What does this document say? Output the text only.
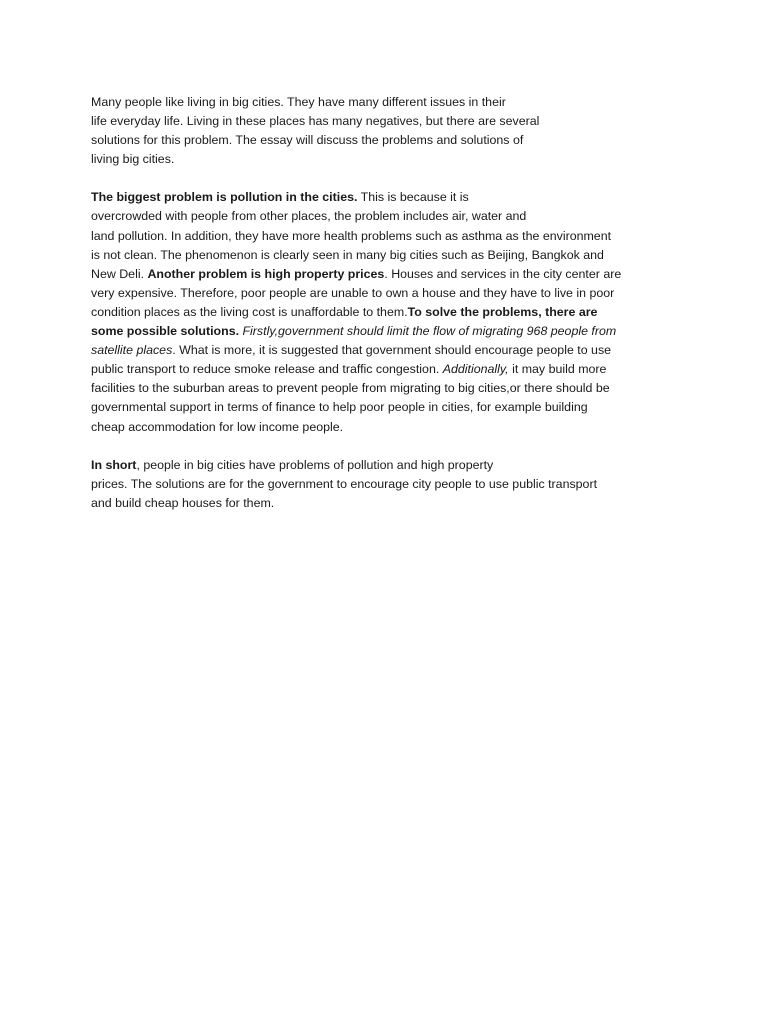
Many people like living in big cities. They have many different issues in their
life everyday life. Living in these places has many negatives, but there are several
solutions for this problem. The essay will discuss the problems and solutions of
living big cities.
The biggest problem is pollution in the cities. This is because it is
overcrowded with people from other places, the problem includes air, water and
land pollution. In addition, they have more health problems such as asthma as the environment
is not clean. The phenomenon is clearly seen in many big cities such as Beijing, Bangkok and
New Deli. Another problem is high property prices. Houses and services in the city center are
very expensive. Therefore, poor people are unable to own a house and they have to live in poor
condition places as the living cost is unaffordable to them.To solve the problems, there are
some possible solutions. Firstly,government should limit the flow of migrating 968 people from
satellite places. What is more, it is suggested that government should encourage people to use
public transport to reduce smoke release and traffic congestion. Additionally, it may build more
facilities to the suburban areas to prevent people from migrating to big cities,or there should be
governmental support in terms of finance to help poor people in cities, for example building
cheap accommodation for low income people.
In short, people in big cities have problems of pollution and high property
prices. The solutions are for the government to encourage city people to use public transport
and build cheap houses for them.
